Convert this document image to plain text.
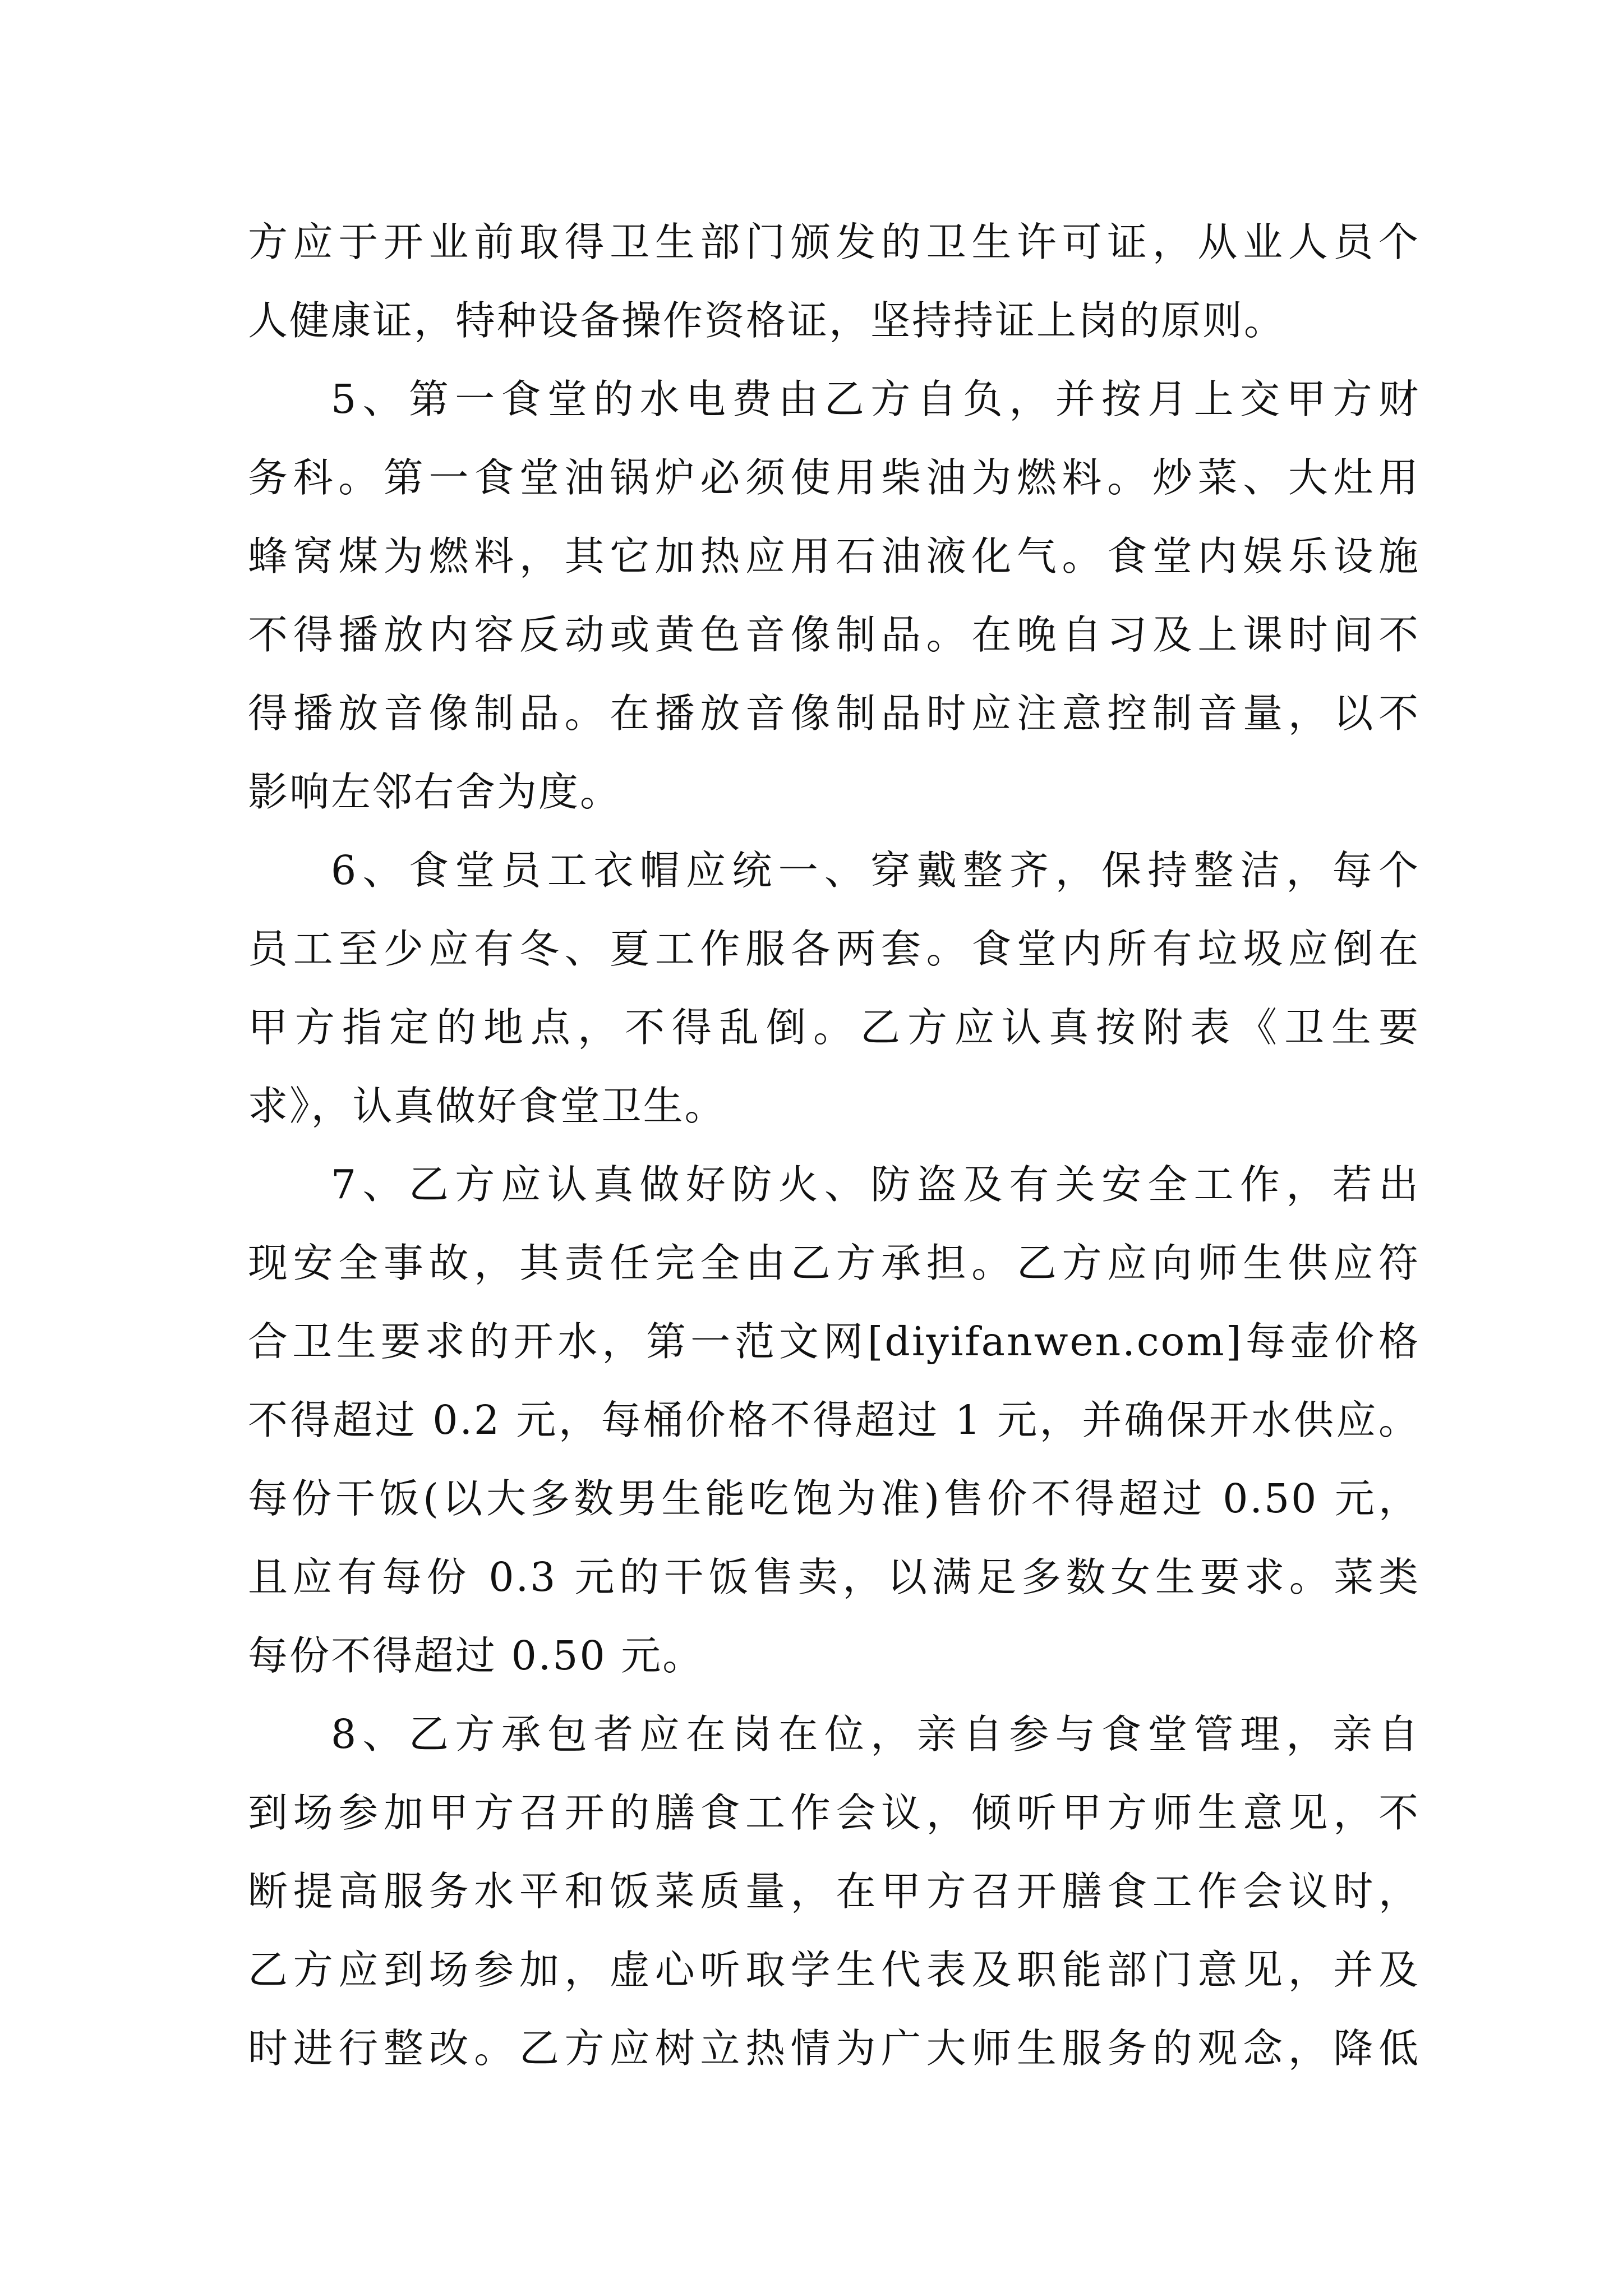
方应于开业前取得卫生部门颁发的卫生许可证，从业人员个
人健康证，特种设备操作资格证，坚持持证上岗的原则。
5、第一食堂的水电费由乙方自负，并按月上交甲方财
务科。第一食堂油锅炉必须使用柴油为燃料。炒菜、大灶用
蜂窝煤为燃料，其它加热应用石油液化气。食堂内娱乐设施
不得播放内容反动或黄色音像制品。在晚自习及上课时间不
得播放音像制品。在播放音像制品时应注意控制音量，以不
影响左邻右舍为度。
6、食堂员工衣帽应统一、穿戴整齐，保持整洁，每个
员工至少应有冬、夏工作服各两套。食堂内所有垃圾应倒在
甲方指定的地点，不得乱倒。乙方应认真按附表《卫生要
求》，认真做好食堂卫生。
7、乙方应认真做好防火、防盗及有关安全工作，若出
现安全事故，其责任完全由乙方承担。乙方应向师生供应符
合卫生要求的开水，第一范文网[diyifanwen.com]每壶价格
不得超过 0.2 元，每桶价格不得超过 1 元，并确保开水供应。
每份干饭(以大多数男生能吃饱为准)售价不得超过 0.50 元，
且应有每份 0.3 元的干饭售卖，以满足多数女生要求。菜类
每份不得超过 0.50 元。
8、乙方承包者应在岗在位，亲自参与食堂管理，亲自
到场参加甲方召开的膳食工作会议，倾听甲方师生意见，不
断提高服务水平和饭菜质量，在甲方召开膳食工作会议时，
乙方应到场参加，虚心听取学生代表及职能部门意见，并及
时进行整改。乙方应树立热情为广大师生服务的观念，降低
